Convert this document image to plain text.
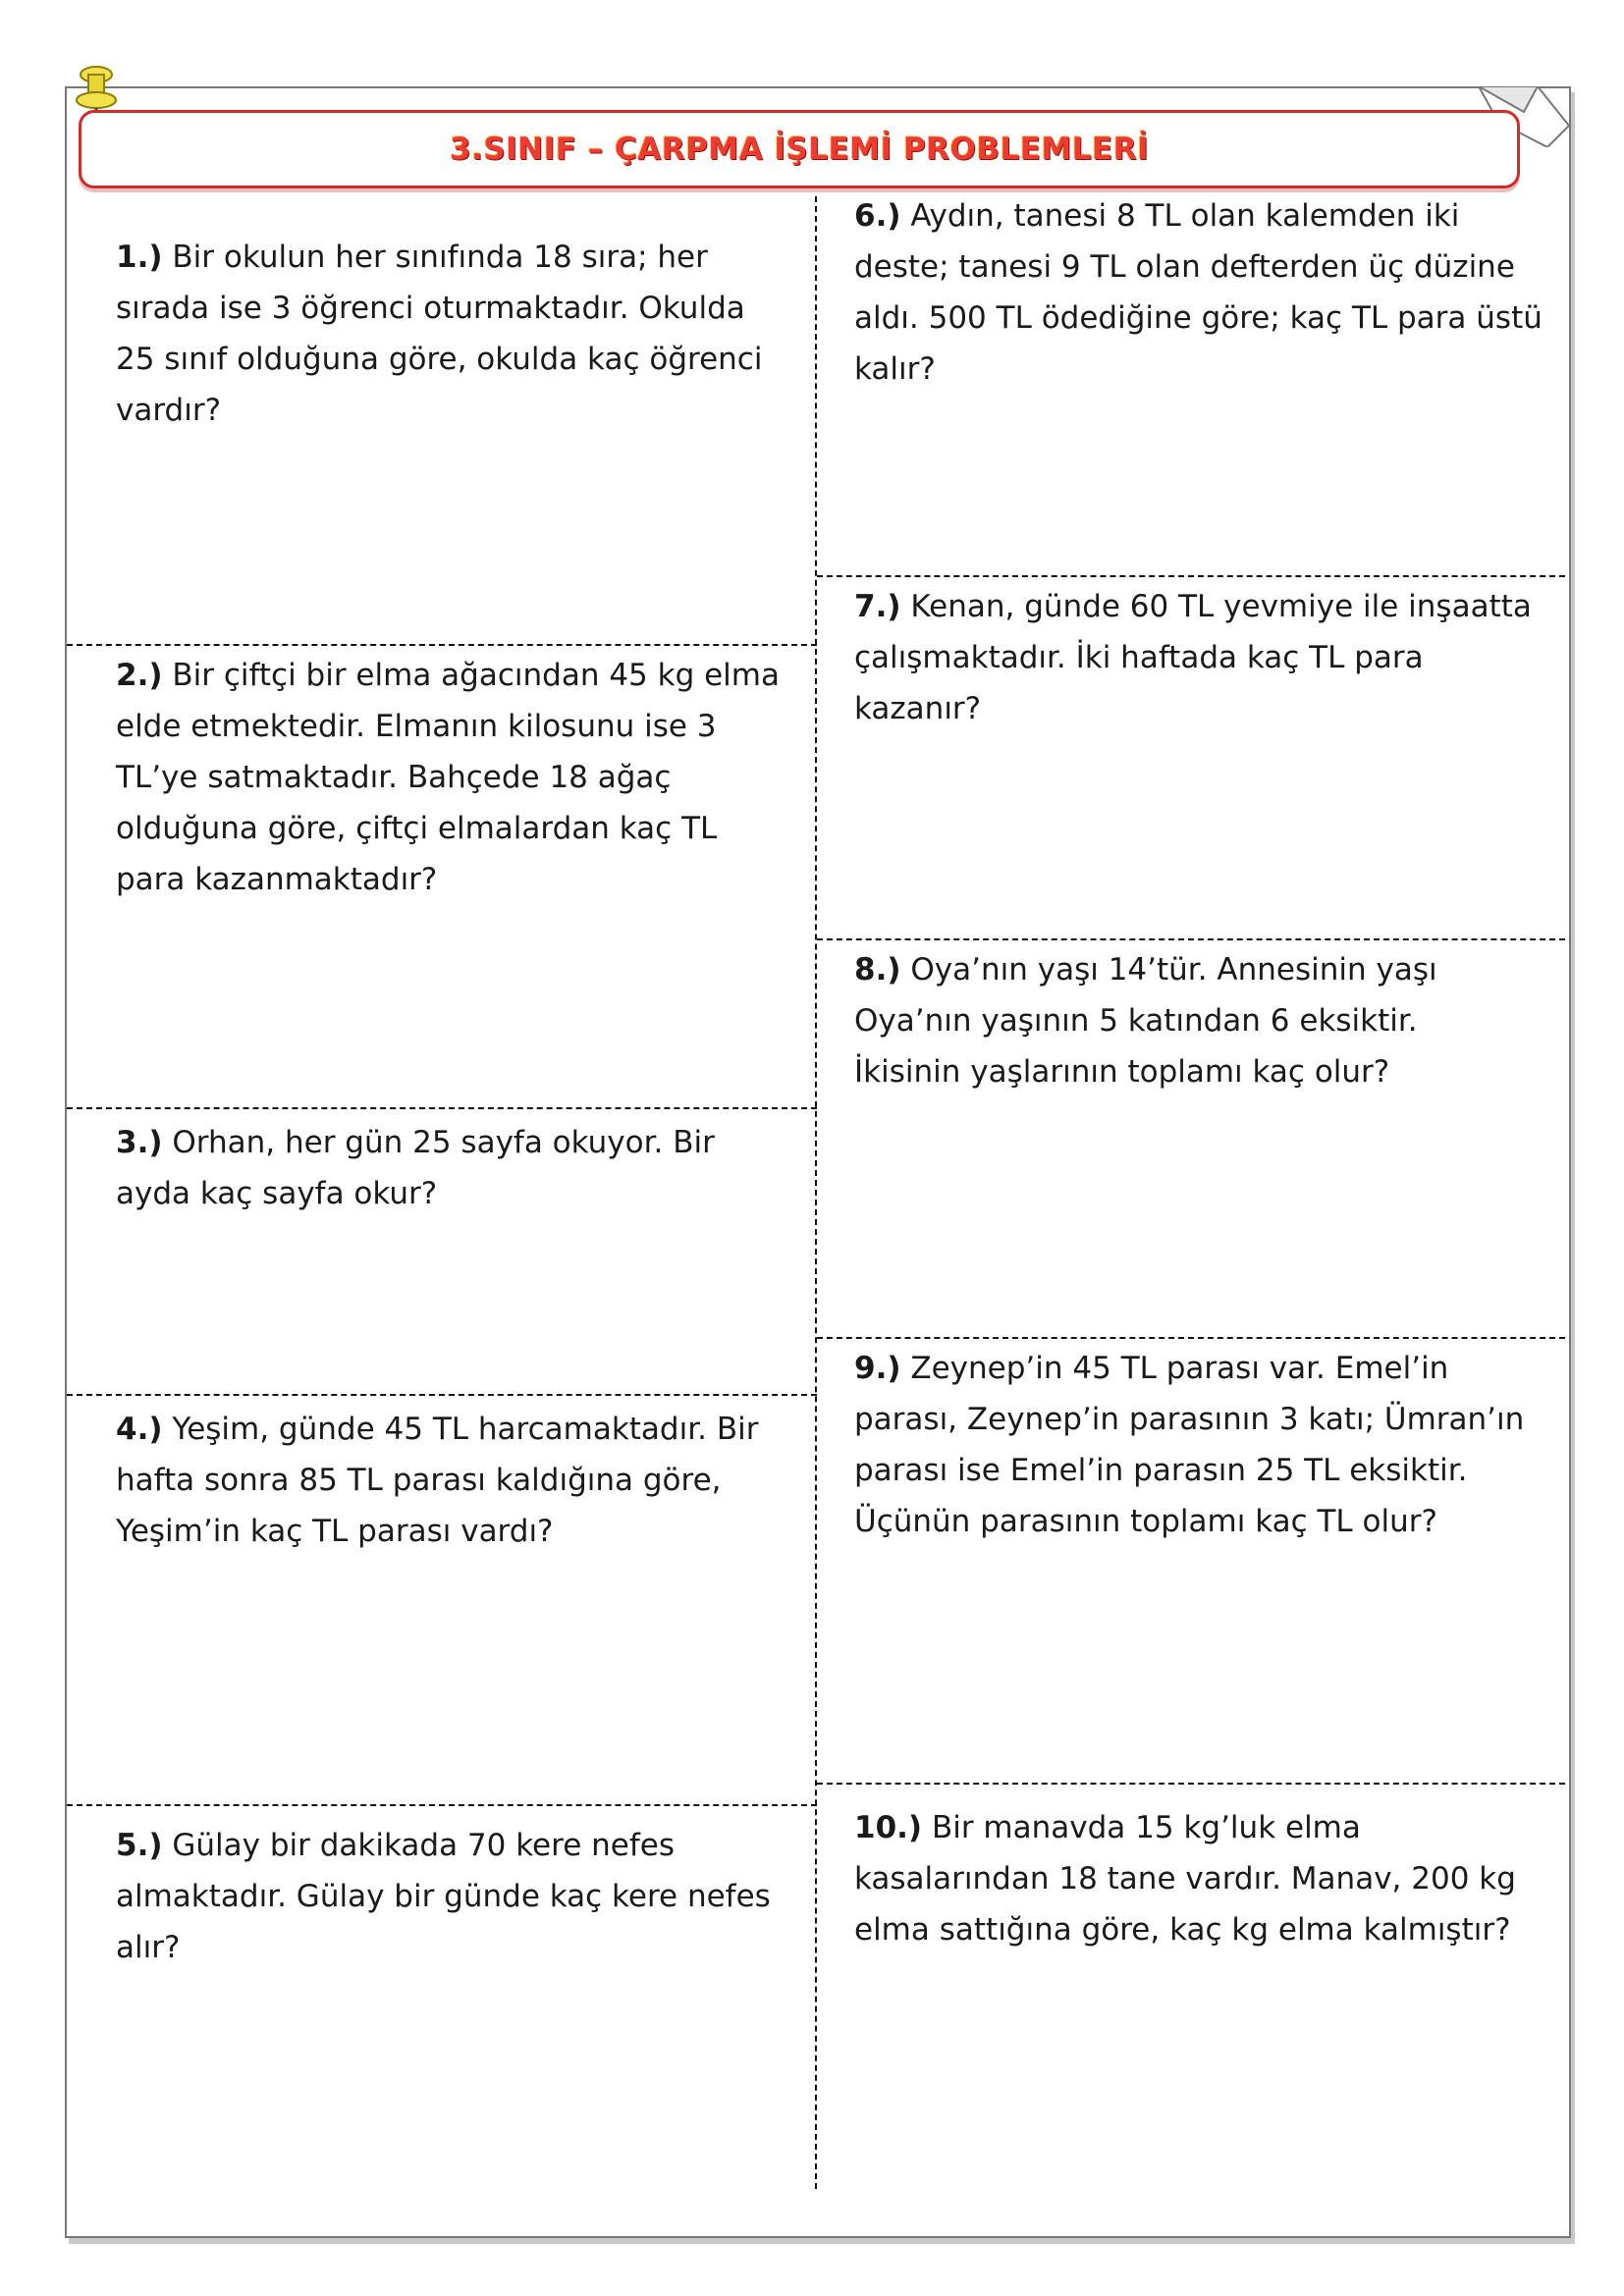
3.SINIF – ÇARPMA İŞLEMİ PROBLEMLERİ

1.) Bir okulun her sınıfında 18 sıra; her sırada ise 3 öğrenci oturmaktadır. Okulda 25 sınıf olduğuna göre, okulda kaç öğrenci vardır?

2.) Bir çiftçi bir elma ağacından 45 kg elma elde etmektedir. Elmanın kilosunu ise 3 TL’ye satmaktadır. Bahçede 18 ağaç olduğuna göre, çiftçi elmalardan kaç TL para kazanmaktadır?

3.) Orhan, her gün 25 sayfa okuyor. Bir ayda kaç sayfa okur?

4.) Yeşim, günde 45 TL harcamaktadır. Bir hafta sonra 85 TL parası kaldığına göre, Yeşim’in kaç TL parası vardı?

5.) Gülay bir dakikada 70 kere nefes almaktadır. Gülay bir günde kaç kere nefes alır?

6.) Aydın, tanesi 8 TL olan kalemden iki deste; tanesi 9 TL olan defterden üç düzine aldı. 500 TL ödediğine göre; kaç TL para üstü kalır?

7.) Kenan, günde 60 TL yevmiye ile inşaatta çalışmaktadır. İki haftada kaç TL para kazanır?

8.) Oya’nın yaşı 14’tür. Annesinin yaşı Oya’nın yaşının 5 katından 6 eksiktir. İkisinin yaşlarının toplamı kaç olur?

9.) Zeynep’in 45 TL parası var. Emel’in parası, Zeynep’in parasının 3 katı; Ümran’ın parası ise Emel’in parasın 25 TL eksiktir. Üçünün parasının toplamı kaç TL olur?

10.) Bir manavda 15 kg’luk elma kasalarından 18 tane vardır. Manav, 200 kg elma sattığına göre, kaç kg elma kalmıştır?
